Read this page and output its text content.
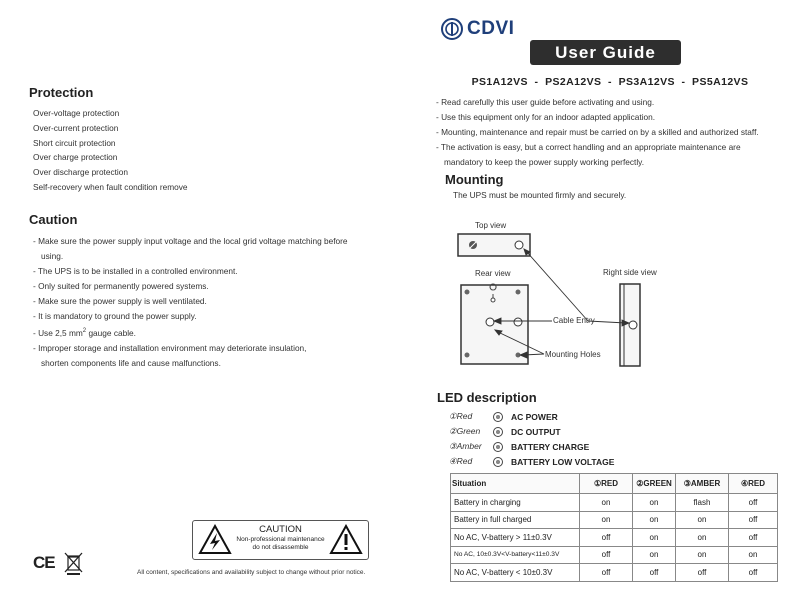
Protection
Over-voltage protection
Over-current protection
Short circuit protection
Over charge protection
Over discharge protection
Self-recovery when fault condition remove
Caution
- Make sure the power supply input voltage and the local grid voltage matching before
using.
- The UPS is to be installed in a controlled environment.
- Only suited for permanently powered systems.
- Make sure the power supply is well ventilated.
- It is mandatory to ground the power supply.
- Use 2,5 $mm^2$ gauge cable.
- Improper storage and installation environment may deteriorate insulation,
shorten components life and cause malfunctions.
CAUTION
Non-professional maintenance
do not disassemble
CE
All content, specifications and availability subject to change without prior notice.
CDVI
User Guide
PS1A12VS  -  PS2A12VS  -  PS3A12VS  -  PS5A12VS
- Read carefully this user guide before activating and using.
- Use this equipment only for an indoor adapted application.
- Mounting, maintenance and repair must be carried on by a skilled and authorized staff.
- The activation is easy, but a correct handling and an appropriate maintenance are
mandatory to keep the power supply working perfectly.
Mounting
The UPS must be mounted firmly and securely.
Top view
Rear view	Right side view
Cable Entry
Mounting Holes
LED description
①Red	AC POWER
②Green	DC OUTPUT
③Amber	BATTERY CHARGE
④Red	BATTERY LOW VOLTAGE
Situation	①RED	②GREEN	③AMBER	④RED
Battery in charging	on	on	flash	off
Battery in full charged	on	on	on	off
No AC, V-battery > 11±0.3V	off	on	on	off
No AC, 10±0.3V<V-battery<11±0.3V	off	on	on	on
No AC, V-battery < 10±0.3V	off	off	off	off
